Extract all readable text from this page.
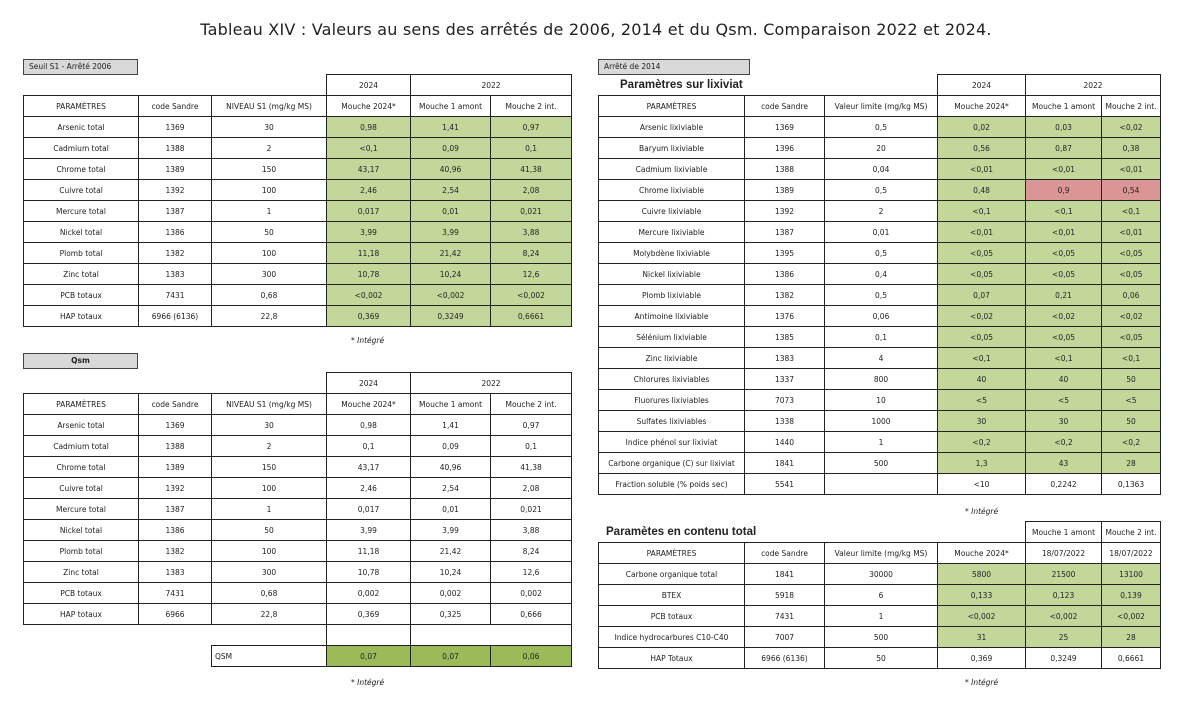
Tableau XIV : Valeurs au sens des arrêtés de 2006, 2014 et du Qsm. Comparaison 2022 et 2024.
Seuil S1 - Arrêté 2006
			2024	2022	
PARAMÈTRES	code Sandre	NIVEAU S1 (mg/kg MS)	Mouche 2024*	Mouche 1 amont	Mouche 2 int.
Arsenic total	1369	30	0,98	1,41	0,97
Cadmium total	1388	2	<0,1	0,09	0,1
Chrome total	1389	150	43,17	40,96	41,38
Cuivre total	1392	100	2,46	2,54	2,08
Mercure total	1387	1	0,017	0,01	0,021
Nickel total	1386	50	3,99	3,99	3,88
Plomb total	1382	100	11,18	21,42	8,24
Zinc total	1383	300	10,78	10,24	12,6
PCB totaux	7431	0,68	<0,002	<0,002	<0,002
HAP totaux	6966 (6136)	22,8	0,369	0,3249	0,6661
* Intégré
Qsm
			2024	2022	
PARAMÈTRES	code Sandre	NIVEAU S1 (mg/kg MS)	Mouche 2024*	Mouche 1 amont	Mouche 2 int.
Arsenic total	1369	30	0,98	1,41	0,97
Cadmium total	1388	2	0,1	0,09	0,1
Chrome total	1389	150	43,17	40,96	41,38
Cuivre total	1392	100	2,46	2,54	2,08
Mercure total	1387	1	0,017	0,01	0,021
Nickel total	1386	50	3,99	3,99	3,88
Plomb total	1382	100	11,18	21,42	8,24
Zinc total	1383	300	10,78	10,24	12,6
PCB totaux	7431	0,68	0,002	0,002	0,002
HAP totaux	6966	22,8	0,369	0,325	0,666

		QSM	0,07	0,07	0,06
* Intégré
Arrêté de 2014
Paramètres sur lixiviat
			2024	2022	
PARAMÈTRES	code Sandre	Valeur limite (mg/kg MS)	Mouche 2024*	Mouche 1 amont	Mouche 2 int.
Arsenic lixiviable	1369	0,5	0,02	0,03	<0,02
Baryum lixiviable	1396	20	0,56	0,87	0,38
Cadmium lixiviable	1388	0,04	<0,01	<0,01	<0,01
Chrome lixiviable	1389	0,5	0,48	0,9	0,54
Cuivre lixiviable	1392	2	<0,1	<0,1	<0,1
Mercure lixiviable	1387	0,01	<0,01	<0,01	<0,01
Molybdène lixiviable	1395	0,5	<0,05	<0,05	<0,05
Nickel lixiviable	1386	0,4	<0,05	<0,05	<0,05
Plomb lixiviable	1382	0,5	0,07	0,21	0,06
Antimoine lixiviable	1376	0,06	<0,02	<0,02	<0,02
Sélénium lixiviable	1385	0,1	<0,05	<0,05	<0,05
Zinc lixiviable	1383	4	<0,1	<0,1	<0,1
Chlorures lixiviables	1337	800	40	40	50
Fluorures lixiviables	7073	10	<5	<5	<5
Sulfates lixiviables	1338	1000	30	30	50
Indice phénol sur lixiviat	1440	1	<0,2	<0,2	<0,2
Carbone organique (C) sur lixiviat	1841	500	1,3	43	28
Fraction soluble (% poids sec)	5541		<10	0,2242	0,1363
* Intégré
Paramètes en contenu total
				Mouche 1 amont	Mouche 2 int.
PARAMÈTRES	code Sandre	Valeur limite (mg/kg MS)	Mouche 2024*	18/07/2022	18/07/2022
Carbone organique total	1841	30000	5800	21500	13100
BTEX	5918	6	0,133	0,123	0,139
PCB totaux	7431	1	<0,002	<0,002	<0,002
Indice hydrocarbures C10-C40	7007	500	31	25	28
HAP Totaux	6966 (6136)	50	0,369	0,3249	0,6661
* Intégré
